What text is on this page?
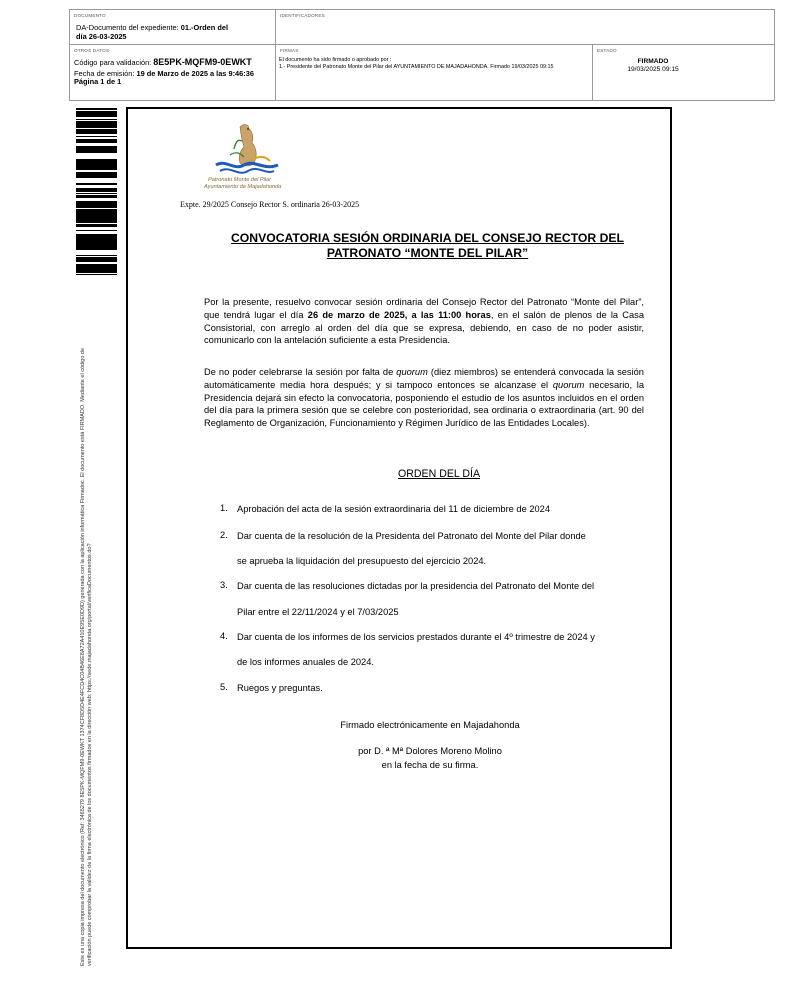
DOCUMENTO
DA-Documento del expediente: 01.-Orden del
día 26-03-2025
IDENTIFICADORES
OTROS DATOS
Código para validación: 8E5PK-MQFM9-0EWKT
Fecha de emisión: 19 de Marzo de 2025 a las 9:46:36
Página 1 de 1
FIRMAS
El documento ha sido firmado o aprobado por :
1.- Presidente del Patronato Monte del Pilar del AYUNTAMIENTO DE MAJADAHONDA. Firmado 19/03/2025 09:15
ESTADO
FIRMADO
19/03/2025 09:15
Este es una copia impresa del documento electrónico (Ref: 3465279 8E5PK-MQFM9-0EWKT 1374CF8D5D4E4FCD4C04B46E8A72A410E95E0D9D) generada con la aplicación informática Firmadoc. El documento está FIRMADO. Mediante el código de verificación puede comprobar la validez de la firma electrónica de los documentos firmados en la dirección web: https://sede.majadahonda.org/portal/verificaDocumentos.do?
Patronato Monte del Pilar
Ayuntamiento de Majadahonda
Expte. 29/2025 Consejo Rector S. ordinaria 26-03-2025
CONVOCATORIA SESIÓN ORDINARIA DEL CONSEJO RECTOR DEL
PATRONATO “MONTE DEL PILAR”
Por la presente, resuelvo convocar sesión ordinaria del Consejo Rector del Patronato “Monte del Pilar”, que tendrá lugar el día 26 de marzo de 2025, a las 11:00 horas, en el salón de plenos de la Casa Consistorial, con arreglo al orden del día que se expresa, debiendo, en caso de no poder asistir, comunicarlo con la antelación suficiente a esta Presidencia.
De no poder celebrarse la sesión por falta de quorum (diez miembros) se entenderá convocada la sesión automáticamente media hora después; y si tampoco entonces se alcanzase el quorum necesario, la Presidencia dejará sin efecto la convocatoria, posponiendo el estudio de los asuntos incluidos en el orden del día para la primera sesión que se celebre con posterioridad, sea ordinaria o extraordinaria (art. 90 del Reglamento de Organización, Funcionamiento y Régimen Jurídico de las Entidades Locales).
ORDEN DEL DÍA
1. Aprobación del acta de la sesión extraordinaria del 11 de diciembre de 2024
2. Dar cuenta de la resolución de la Presidenta del Patronato del Monte del Pilar donde
se aprueba la liquidación del presupuesto del ejercicio 2024.
3. Dar cuenta de las resoluciones dictadas por la presidencia del Patronato del Monte del
Pilar entre el 22/11/2024 y el 7/03/2025
4. Dar cuenta de los informes de los servicios prestados durante el 4º trimestre de 2024 y
de los informes anuales de 2024.
5. Ruegos y preguntas.
Firmado electrónicamente en Majadahonda
por D. ª Mª Dolores Moreno Molino
en la fecha de su firma.
